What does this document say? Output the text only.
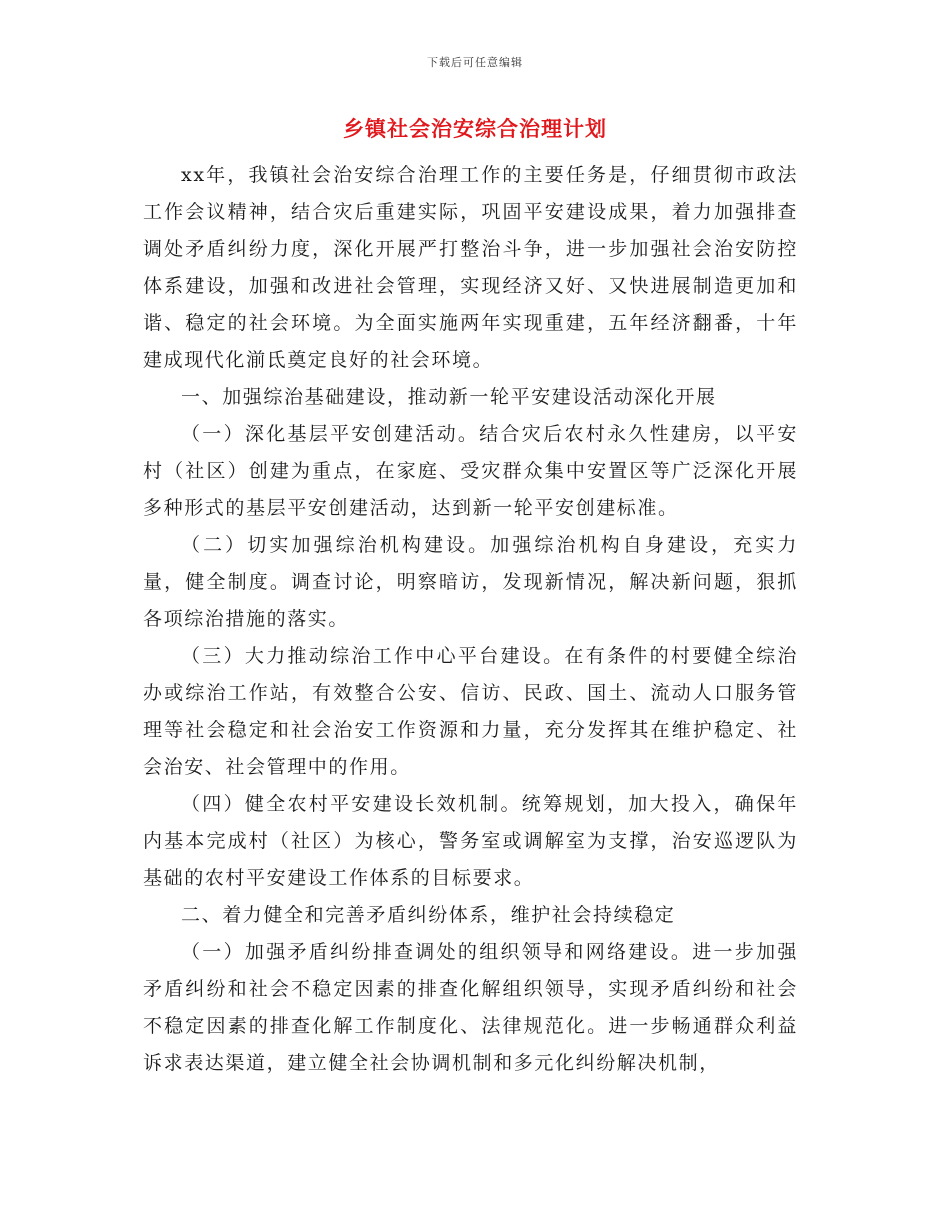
下载后可任意编辑
乡镇社会治安综合治理计划

xx年，我镇社会治安综合治理工作的主要任务是，仔细贯彻市政法工作会议精神，结合灾后重建实际，巩固平安建设成果，着力加强排查调处矛盾纠纷力度，深化开展严打整治斗争，进一步加强社会治安防控体系建设，加强和改进社会管理，实现经济又好、又快进展制造更加和谐、稳定的社会环境。为全面实施两年实现重建，五年经济翻番，十年建成现代化湔氐奠定良好的社会环境。

一、加强综治基础建设，推动新一轮平安建设活动深化开展

（一）深化基层平安创建活动。结合灾后农村永久性建房，以平安村（社区）创建为重点，在家庭、受灾群众集中安置区等广泛深化开展多种形式的基层平安创建活动，达到新一轮平安创建标准。

（二）切实加强综治机构建设。加强综治机构自身建设，充实力量，健全制度。调查讨论，明察暗访，发现新情况，解决新问题，狠抓各项综治措施的落实。

（三）大力推动综治工作中心平台建设。在有条件的村要健全综治办或综治工作站，有效整合公安、信访、民政、国土、流动人口服务管理等社会稳定和社会治安工作资源和力量，充分发挥其在维护稳定、社会治安、社会管理中的作用。

（四）健全农村平安建设长效机制。统筹规划，加大投入，确保年内基本完成村（社区）为核心，警务室或调解室为支撑，治安巡逻队为基础的农村平安建设工作体系的目标要求。

二、着力健全和完善矛盾纠纷体系，维护社会持续稳定

（一）加强矛盾纠纷排查调处的组织领导和网络建设。进一步加强矛盾纠纷和社会不稳定因素的排查化解组织领导，实现矛盾纠纷和社会不稳定因素的排查化解工作制度化、法律规范化。进一步畅通群众利益诉求表达渠道，建立健全社会协调机制和多元化纠纷解决机制，
